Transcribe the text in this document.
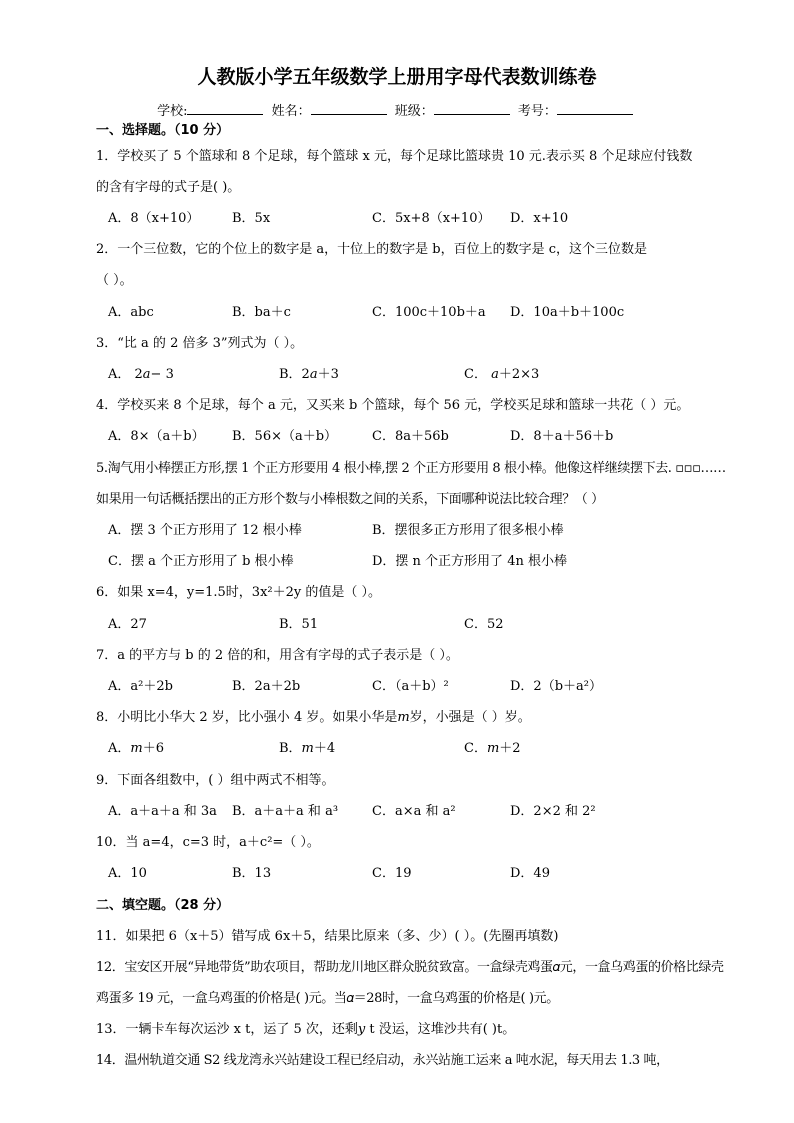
人教版小学五年级数学上册用字母代表数训练卷
学校:	姓名：	班级：	考号：
一、选择题。（10 分）
1．学校买了 5 个篮球和 8 个足球，每个篮球 x 元，每个足球比篮球贵 10 元.表示买 8 个足球应付钱数
的含有字母的式子是( )。
A．8（x+10）	B．5x	C．5x+8（x+10） D．x+10
2．一个三位数，它的个位上的数字是 a，十位上的数字是 b，百位上的数字是 c，这个三位数是
（ ）。
A．abc	B．ba＋c	C．100c＋10b＋a D．10a＋b＋100c
3．“比 a 的 2 倍多 3”列式为（ ）。
A． 2𝑎− 3	B．2𝑎＋3	C． 𝑎＋2×3
4．学校买来 8 个足球，每个 a 元，又买来 b 个篮球，每个 56 元，学校买足球和篮球一共花（ ）元。
A．8×（a＋b） B．56×（a＋b）	C．8a＋56b	D．8＋a＋56＋b
5.淘气用小棒摆正方形,摆 1 个正方形要用 4 根小棒,摆 2 个正方形要用 8 根小棒。他像这样继续摆下去. ▫▫▫……
如果用一句话概括摆出的正方形个数与小棒根数之间的关系，下面哪种说法比较合理？（ ）
A．摆 3 个正方形用了 12 根小棒	B．摆很多正方形用了很多根小棒
C．摆 a 个正方形用了 b 根小棒	D．摆 n 个正方形用了 4n 根小棒
6．如果 x=4，y=1.5时，3x²＋2y 的值是（ ）。
A．27	B．51	C．52
7．a 的平方与 b 的 2 倍的和，用含有字母的式子表示是（ ）。
A．a²＋2b	B．2a＋2b	C．（a＋b）²	D．2（b＋a²）
8．小明比小华大 2 岁，比小强小 4 岁。如果小华是𝑚岁，小强是（ ）岁。
A．𝑚＋6	B．𝑚＋4	C．𝑚＋2
9．下面各组数中，( ）组中两式不相等。
A．a＋a＋a 和 3a B．a＋a＋a 和 a³	C．a×a 和 a²	D．2×2 和 2²
10．当 a=4，c=3 时，a＋c²=（ ）。
A．10	B．13	C．19	D．49
二、填空题。（28 分）
11．如果把 6（x＋5）错写成 6x＋5，结果比原来（多、少）( ）。(先圈再填数)
12．宝安区开展“异地带货”助农项目，帮助龙川地区群众脱贫致富。一盒绿壳鸡蛋𝛼元，一盒乌鸡蛋的价格比绿壳
鸡蛋多 19 元，一盒乌鸡蛋的价格是( )元。当𝛼＝28时，一盒乌鸡蛋的价格是( )元。
13．一辆卡车每次运沙 x t，运了 5 次，还剩𝑦 t 没运，这堆沙共有( )t。
14．温州轨道交通 S2 线龙湾永兴站建设工程已经启动，永兴站施工运来 a 吨水泥，每天用去 1.3 吨，
